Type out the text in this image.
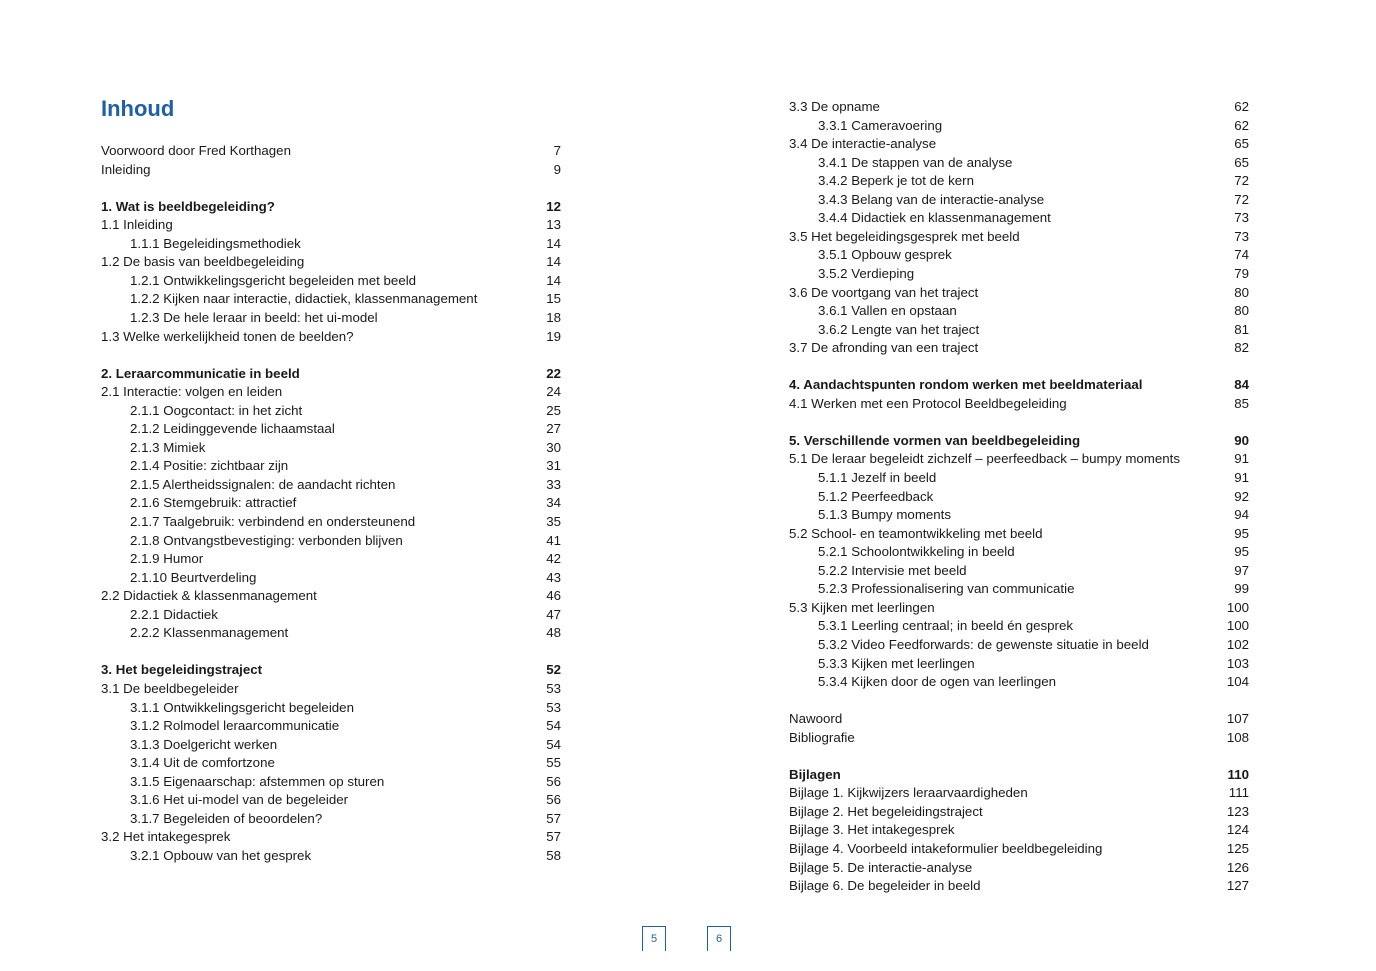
Inhoud
Voorwoord door Fred Korthagen	7
Inleiding	9
1. Wat is beeldbegeleiding?	12
1.1 Inleiding	13
1.1.1 Begeleidingsmethodiek	14
1.2 De basis van beeldbegeleiding	14
1.2.1 Ontwikkelingsgericht begeleiden met beeld	14
1.2.2 Kijken naar interactie, didactiek, klassenmanagement	15
1.2.3 De hele leraar in beeld: het ui-model	18
1.3 Welke werkelijkheid tonen de beelden?	19
2. Leraarcommunicatie in beeld	22
2.1 Interactie: volgen en leiden	24
2.1.1 Oogcontact: in het zicht	25
2.1.2 Leidinggevende lichaamstaal	27
2.1.3 Mimiek	30
2.1.4 Positie: zichtbaar zijn	31
2.1.5 Alertheidssignalen: de aandacht richten	33
2.1.6 Stemgebruik: attractief	34
2.1.7 Taalgebruik: verbindend en ondersteunend	35
2.1.8 Ontvangstbevestiging: verbonden blijven	41
2.1.9 Humor	42
2.1.10 Beurtverdeling	43
2.2 Didactiek & klassenmanagement	46
2.2.1 Didactiek	47
2.2.2 Klassenmanagement	48
3. Het begeleidingstraject	52
3.1 De beeldbegeleider	53
3.1.1 Ontwikkelingsgericht begeleiden	53
3.1.2 Rolmodel leraarcommunicatie	54
3.1.3 Doelgericht werken	54
3.1.4 Uit de comfortzone	55
3.1.5 Eigenaarschap: afstemmen op sturen	56
3.1.6 Het ui-model van de begeleider	56
3.1.7 Begeleiden of beoordelen?	57
3.2 Het intakegesprek	57
3.2.1 Opbouw van het gesprek	58
3.3 De opname	62
3.3.1 Cameravoering	62
3.4 De interactie-analyse	65
3.4.1 De stappen van de analyse	65
3.4.2 Beperk je tot de kern	72
3.4.3 Belang van de interactie-analyse	72
3.4.4 Didactiek en klassenmanagement	73
3.5 Het begeleidingsgesprek met beeld	73
3.5.1 Opbouw gesprek	74
3.5.2 Verdieping	79
3.6 De voortgang van het traject	80
3.6.1 Vallen en opstaan	80
3.6.2 Lengte van het traject	81
3.7 De afronding van een traject	82
4. Aandachtspunten rondom werken met beeldmateriaal	84
4.1 Werken met een Protocol Beeldbegeleiding	85
5. Verschillende vormen van beeldbegeleiding	90
5.1 De leraar begeleidt zichzelf – peerfeedback – bumpy moments	91
5.1.1 Jezelf in beeld	91
5.1.2 Peerfeedback	92
5.1.3 Bumpy moments	94
5.2 School- en teamontwikkeling met beeld	95
5.2.1 Schoolontwikkeling in beeld	95
5.2.2 Intervisie met beeld	97
5.2.3 Professionalisering van communicatie	99
5.3 Kijken met leerlingen	100
5.3.1 Leerling centraal; in beeld én gesprek	100
5.3.2 Video Feedforwards: de gewenste situatie in beeld	102
5.3.3 Kijken met leerlingen	103
5.3.4 Kijken door de ogen van leerlingen	104
Nawoord	107
Bibliografie	108
Bijlagen	110
Bijlage 1. Kijkwijzers leraarvaardigheden	111
Bijlage 2. Het begeleidingstraject	123
Bijlage 3. Het intakegesprek	124
Bijlage 4. Voorbeeld intakeformulier beeldbegeleiding	125
Bijlage 5. De interactie-analyse	126
Bijlage 6. De begeleider in beeld	127
5	6
